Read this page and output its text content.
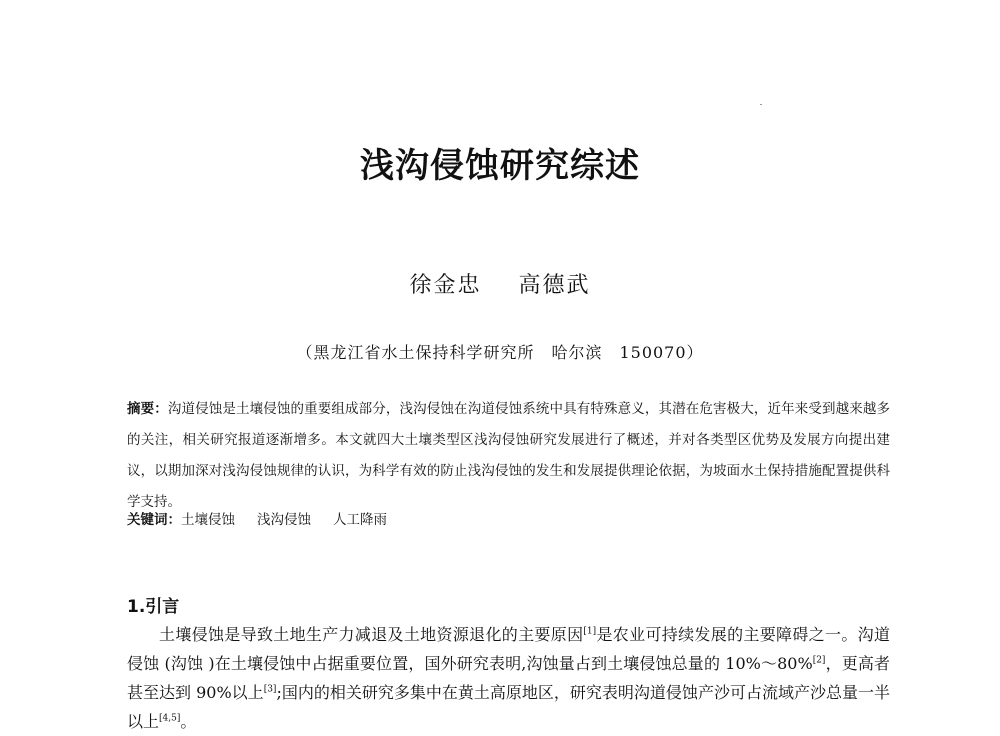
浅沟侵蚀研究综述
徐金忠 高德武
（黑龙江省水土保持科学研究所　哈尔滨　150070）
摘要：沟道侵蚀是土壤侵蚀的重要组成部分，浅沟侵蚀在沟道侵蚀系统中具有特殊意义，其潜在危害极大，近年来受到越来越多的关注，相关研究报道逐渐增多。本文就四大土壤类型区浅沟侵蚀研究发展进行了概述，并对各类型区优势及发展方向提出建议，以期加深对浅沟侵蚀规律的认识，为科学有效的防止浅沟侵蚀的发生和发展提供理论依据，为坡面水土保持措施配置提供科学支持。
关键词：土壤侵蚀 浅沟侵蚀 人工降雨
1.引言
土壤侵蚀是导致土地生产力减退及土地资源退化的主要原因[1]是农业可持续发展的主要障碍之一。沟道侵蚀 (沟蚀 )在土壤侵蚀中占据重要位置，国外研究表明,沟蚀量占到土壤侵蚀总量的 10%～80%[2]，更高者甚至达到 90%以上[3];国内的相关研究多集中在黄土高原地区，研究表明沟道侵蚀产沙可占流域产沙总量一半以上[4,5]。
